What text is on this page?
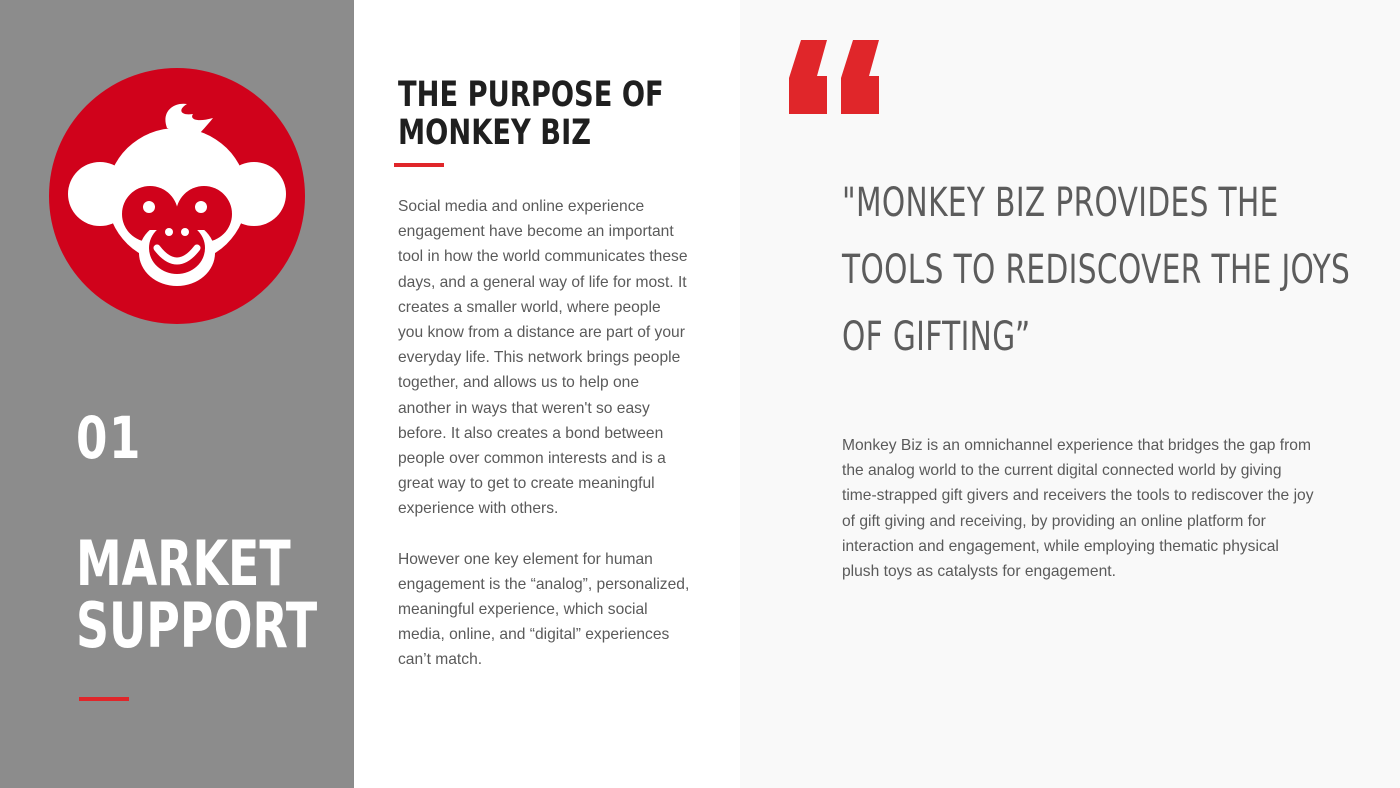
01
MARKET
SUPPORT
THE PURPOSE OF
MONKEY BIZ

Social media and online experience engagement have become an important tool in how the world communicates these days, and a general way of life for most. It creates a smaller world, where people you know from a distance are part of your everyday life. This network brings people together, and allows us to help one another in ways that weren't so easy before. It also creates a bond between people over common interests and is a great way to get to create meaningful experience with others.

However one key element for human engagement is the “analog”, personalized, meaningful experience, which social media, online, and “digital” experiences can’t match.

"MONKEY BIZ PROVIDES THE
TOOLS TO REDISCOVER THE JOYS
OF GIFTING”

Monkey Biz is an omnichannel experience that bridges the gap from the analog world to the current digital connected world by giving time-strapped gift givers and receivers the tools to rediscover the joy of gift giving and receiving, by providing an online platform for interaction and engagement, while employing thematic physical plush toys as catalysts for engagement.
